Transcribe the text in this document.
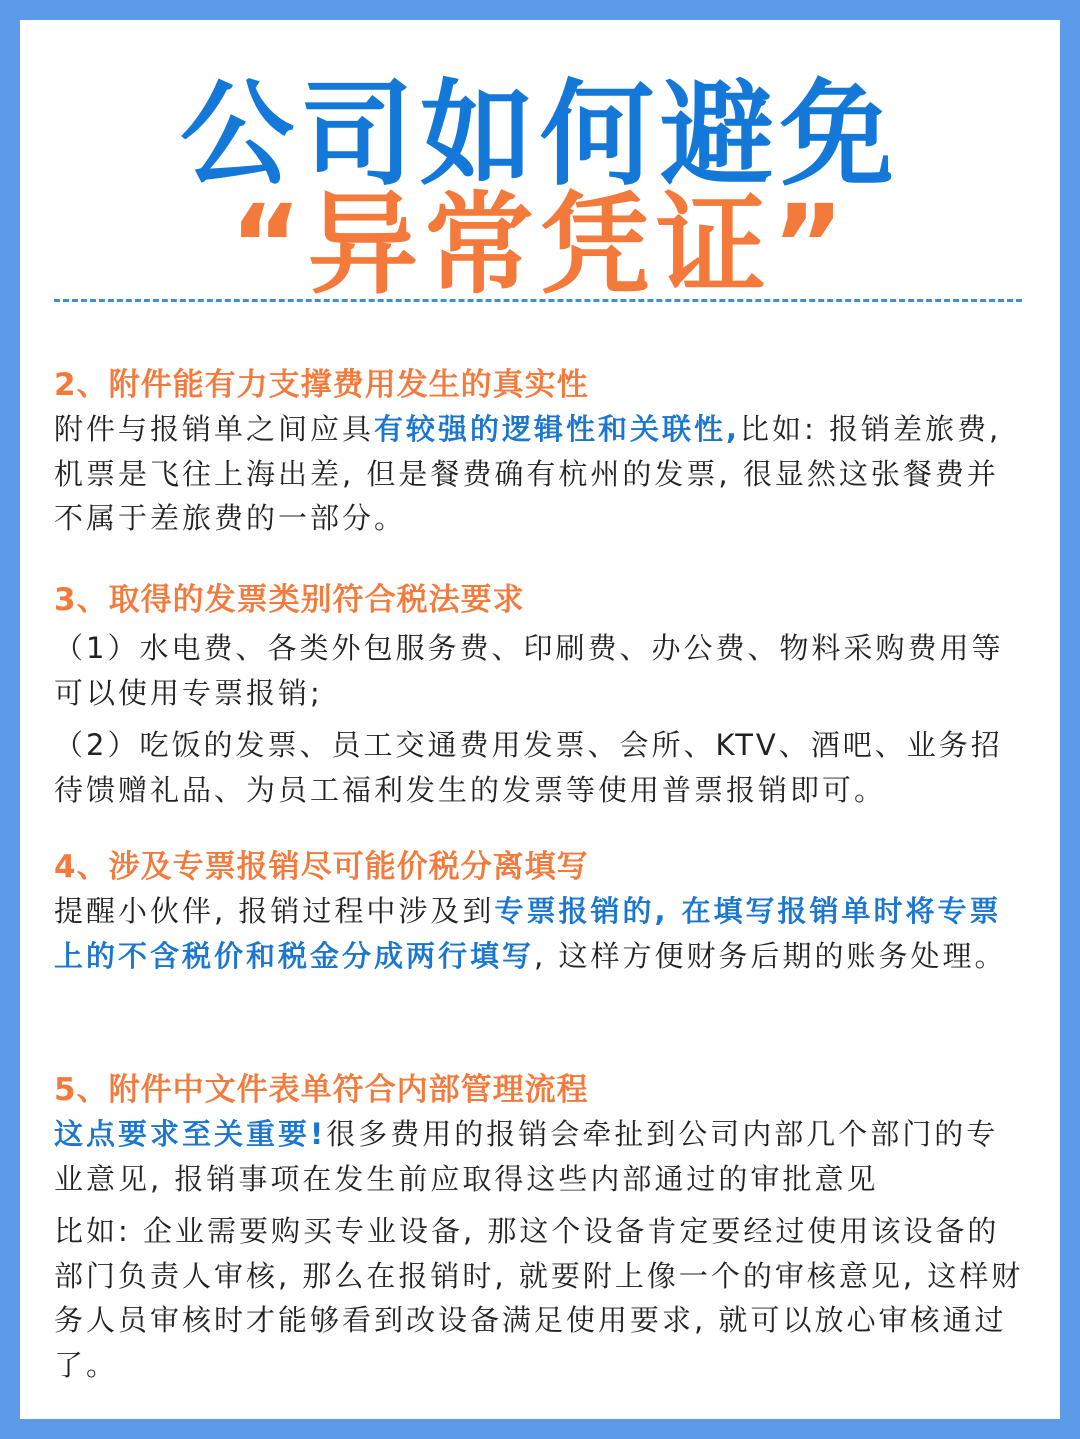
公司如何避免
“异常凭证”

2、附件能有力支撑费用发生的真实性

附件与报销单之间应具有较强的逻辑性和关联性,比如: 报销差旅费, 机票是飞往上海出差, 但是餐费确有杭州的发票, 很显然这张餐费并不属于差旅费的一部分。

3、取得的发票类别符合税法要求

（1）水电费、各类外包服务费、印刷费、办公费、物料采购费用等可以使用专票报销;

（2）吃饭的发票、员工交通费用发票、会所、KTV、酒吧、业务招待馈赠礼品、为员工福利发生的发票等使用普票报销即可。

4、涉及专票报销尽可能价税分离填写

提醒小伙伴, 报销过程中涉及到专票报销的, 在填写报销单时将专票上的不含税价和税金分成两行填写, 这样方便财务后期的账务处理。

5、附件中文件表单符合内部管理流程

这点要求至关重要!很多费用的报销会牵扯到公司内部几个部门的专业意见, 报销事项在发生前应取得这些内部通过的审批意见

比如: 企业需要购买专业设备, 那这个设备肯定要经过使用该设备的部门负责人审核, 那么在报销时, 就要附上像一个的审核意见, 这样财务人员审核时才能够看到改设备满足使用要求, 就可以放心审核通过了。
